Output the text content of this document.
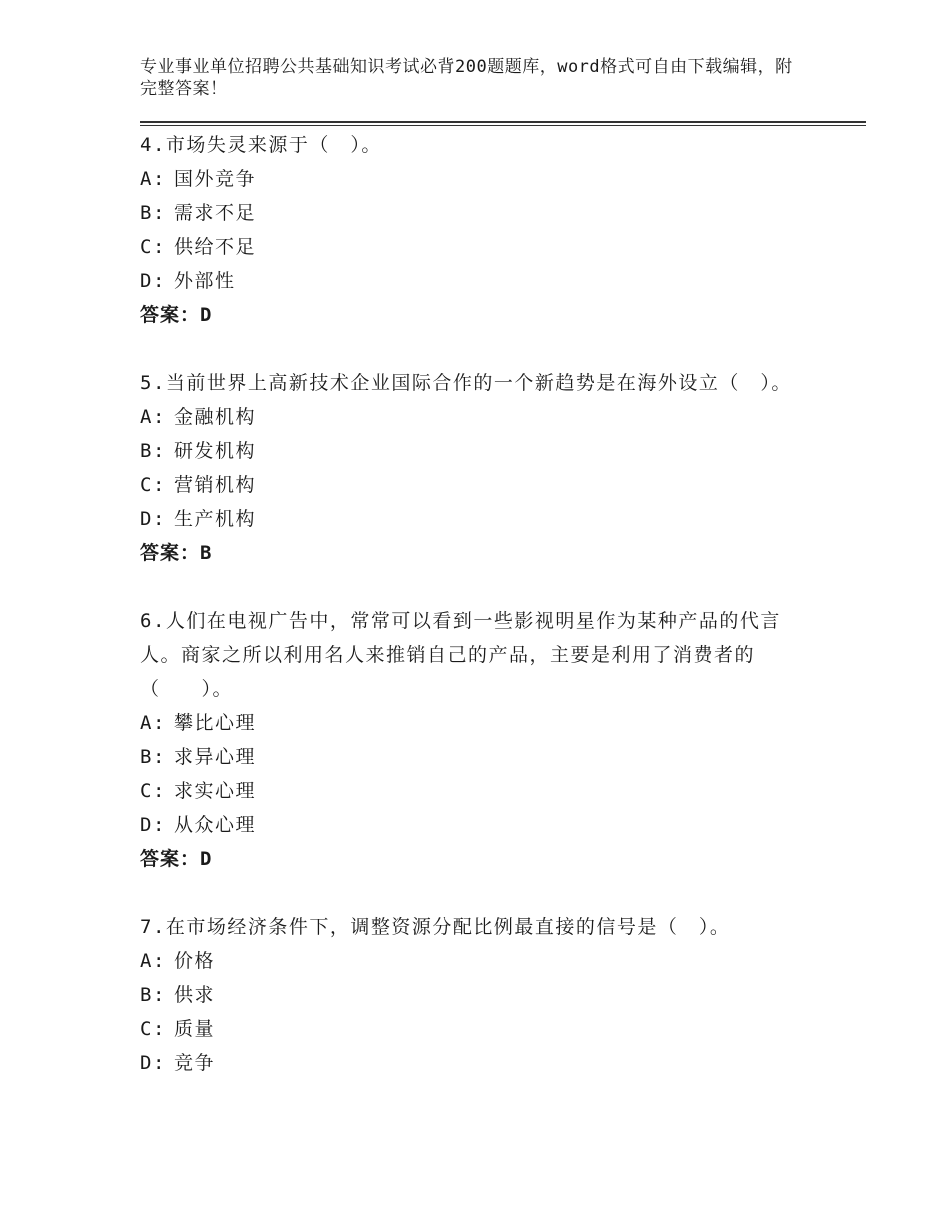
专业事业单位招聘公共基础知识考试必背200题题库，word格式可自由下载编辑，附完整答案！

4.市场失灵来源于（　）。

A: 国外竞争

B: 需求不足

C: 供给不足

D: 外部性

答案：D

5.当前世界上高新技术企业国际合作的一个新趋势是在海外设立（　）。

A: 金融机构

B: 研发机构

C: 营销机构

D: 生产机构

答案：B

6.人们在电视广告中，常常可以看到一些影视明星作为某种产品的代言人。商家之所以利用名人来推销自己的产品，主要是利用了消费者的（　　）。

A: 攀比心理

B: 求异心理

C: 求实心理

D: 从众心理

答案：D

7.在市场经济条件下，调整资源分配比例最直接的信号是（　）。

A: 价格

B: 供求

C: 质量

D: 竞争
